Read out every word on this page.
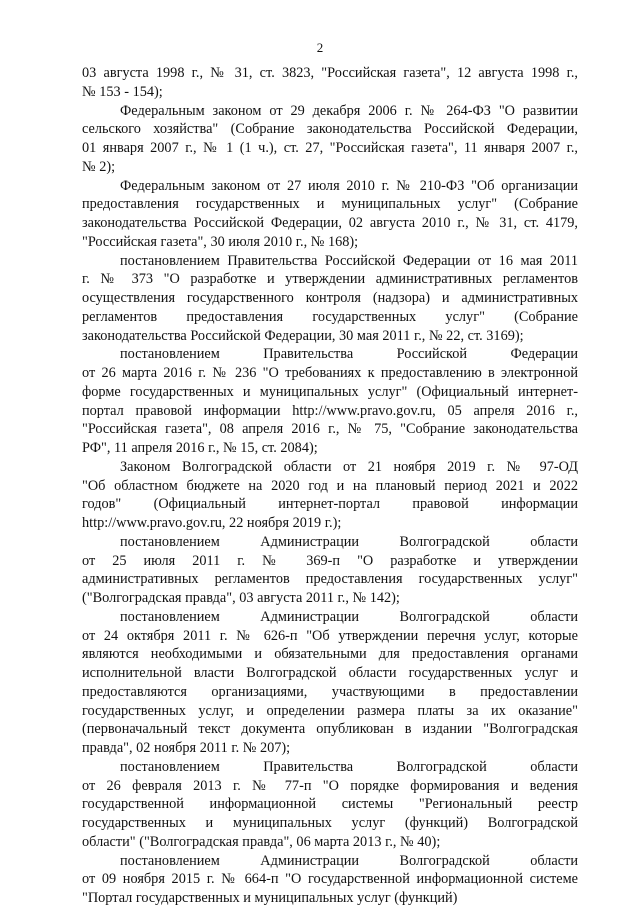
2
03 августа 1998 г., № 31, ст. 3823, "Российская газета", 12 августа 1998 г.,
№ 153 - 154);
Федеральным законом от 29 декабря 2006 г. № 264-ФЗ "О развитии
сельского хозяйства" (Собрание законодательства Российской Федерации,
01 января 2007 г., № 1 (1 ч.), ст. 27, "Российская газета", 11 января 2007 г.,
№ 2);
Федеральным законом от 27 июля 2010 г. № 210-ФЗ "Об организации
предоставления государственных и муниципальных услуг" (Собрание
законодательства Российской Федерации, 02 августа 2010 г., № 31, ст. 4179,
"Российская газета", 30 июля 2010 г., № 168);
постановлением Правительства Российской Федерации от 16 мая 2011
г. № 373 "О разработке и утверждении административных регламентов
осуществления государственного контроля (надзора) и административных
регламентов предоставления государственных услуг" (Собрание
законодательства Российской Федерации, 30 мая 2011 г., № 22, ст. 3169);
постановлением Правительства Российской Федерации
от 26 марта 2016 г. № 236 "О требованиях к предоставлению в электронной
форме государственных и муниципальных услуг" (Официальный интернет-
портал правовой информации http://www.pravo.gov.ru, 05 апреля 2016 г.,
"Российская газета", 08 апреля 2016 г., № 75, "Собрание законодательства
РФ", 11 апреля 2016 г., № 15, ст. 2084);
Законом Волгоградской области от 21 ноября 2019 г. № 97-ОД
"Об областном бюджете на 2020 год и на плановый период 2021 и 2022
годов" (Официальный интернет-портал правовой информации
http://www.pravo.gov.ru, 22 ноября 2019 г.);
постановлением Администрации Волгоградской области
от 25 июля 2011 г. № 369-п "О разработке и утверждении
административных регламентов предоставления государственных услуг"
("Волгоградская правда", 03 августа 2011 г., № 142);
постановлением Администрации Волгоградской области
от 24 октября 2011 г. № 626-п "Об утверждении перечня услуг, которые
являются необходимыми и обязательными для предоставления органами
исполнительной власти Волгоградской области государственных услуг и
предоставляются организациями, участвующими в предоставлении
государственных услуг, и определении размера платы за их оказание"
(первоначальный текст документа опубликован в издании "Волгоградская
правда", 02 ноября 2011 г. № 207);
постановлением Правительства Волгоградской области
от 26 февраля 2013 г. № 77-п "О порядке формирования и ведения
государственной информационной системы "Региональный реестр
государственных и муниципальных услуг (функций) Волгоградской
области" ("Волгоградская правда", 06 марта 2013 г., № 40);
постановлением Администрации Волгоградской области
от 09 ноября 2015 г. № 664-п "О государственной информационной системе
"Портал государственных и муниципальных услуг (функций)
